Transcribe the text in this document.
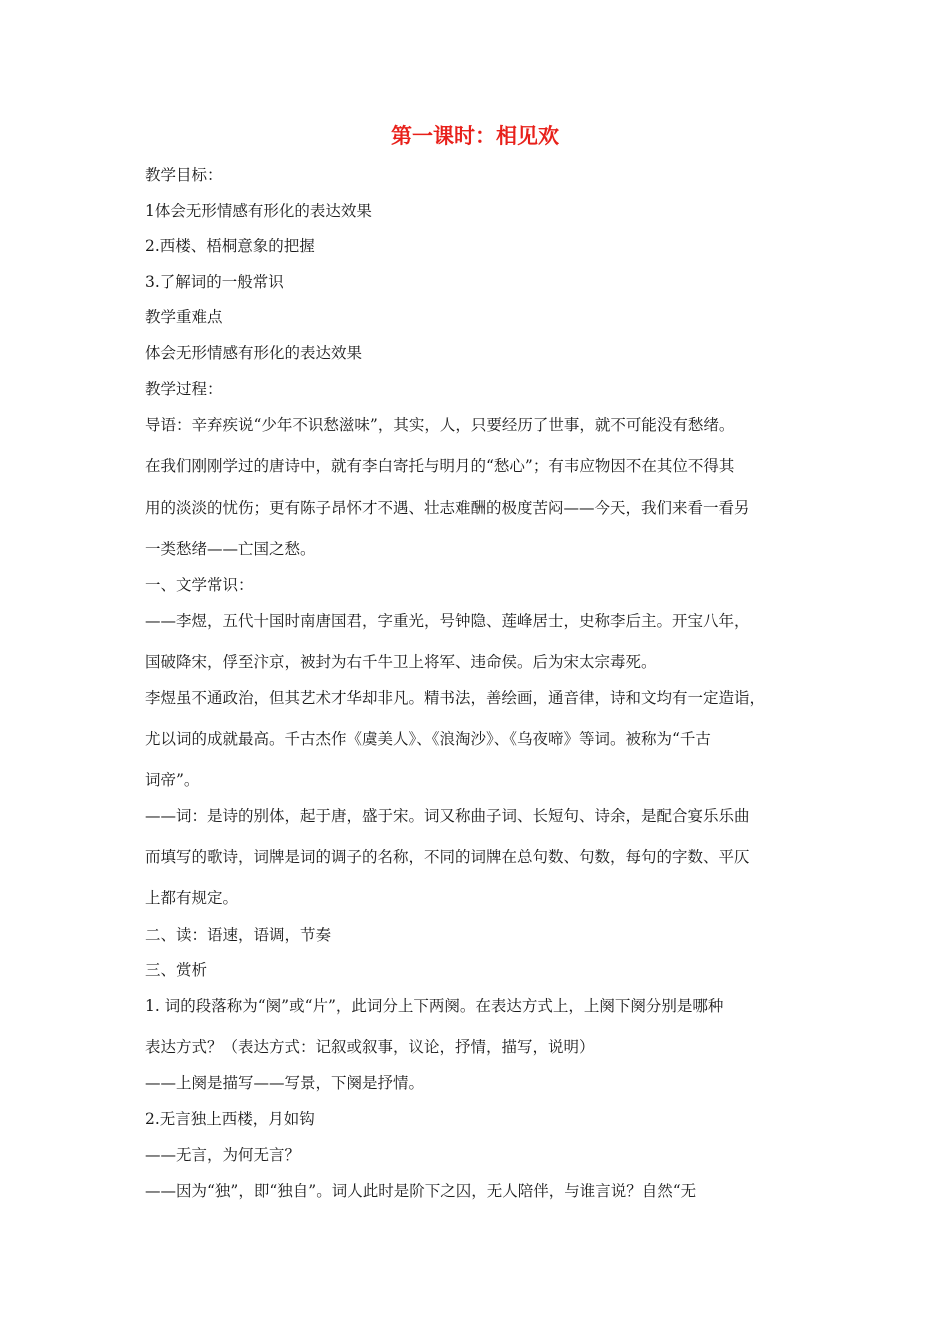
第一课时：相见欢
教学目标：
1体会无形情感有形化的表达效果
2.西楼、梧桐意象的把握
3.了解词的一般常识
教学重难点
体会无形情感有形化的表达效果
教学过程：
导语：辛弃疾说“少年不识愁滋味”，其实，人，只要经历了世事，就不可能没有愁绪。
在我们刚刚学过的唐诗中，就有李白寄托与明月的“愁心”；有韦应物因不在其位不得其
用的淡淡的忧伤；更有陈子昂怀才不遇、壮志难酬的极度苦闷——今天，我们来看一看另
一类愁绪——亡国之愁。
一、文学常识：
——李煜，五代十国时南唐国君，字重光，号钟隐、莲峰居士，史称李后主。开宝八年，
国破降宋，俘至汴京，被封为右千牛卫上将军、违命侯。后为宋太宗毒死。
李煜虽不通政治，但其艺术才华却非凡。精书法，善绘画，通音律，诗和文均有一定造诣，
尤以词的成就最高。千古杰作《虞美人》、《浪淘沙》、《乌夜啼》等词。被称为“千古
词帝”。
——词：是诗的别体，起于唐，盛于宋。词又称曲子词、长短句、诗余，是配合宴乐乐曲
而填写的歌诗，词牌是词的调子的名称，不同的词牌在总句数、句数，每句的字数、平仄
上都有规定。
二、读：语速，语调，节奏
三、赏析
1. 词的段落称为“阕”或“片”，此词分上下两阕。在表达方式上，上阕下阕分别是哪种
表达方式？（表达方式：记叙或叙事，议论，抒情，描写，说明）
——上阕是描写——写景，下阕是抒情。
2.无言独上西楼，月如钩
——无言，为何无言？
——因为“独”，即“独自”。词人此时是阶下之囚，无人陪伴，与谁言说？自然“无
